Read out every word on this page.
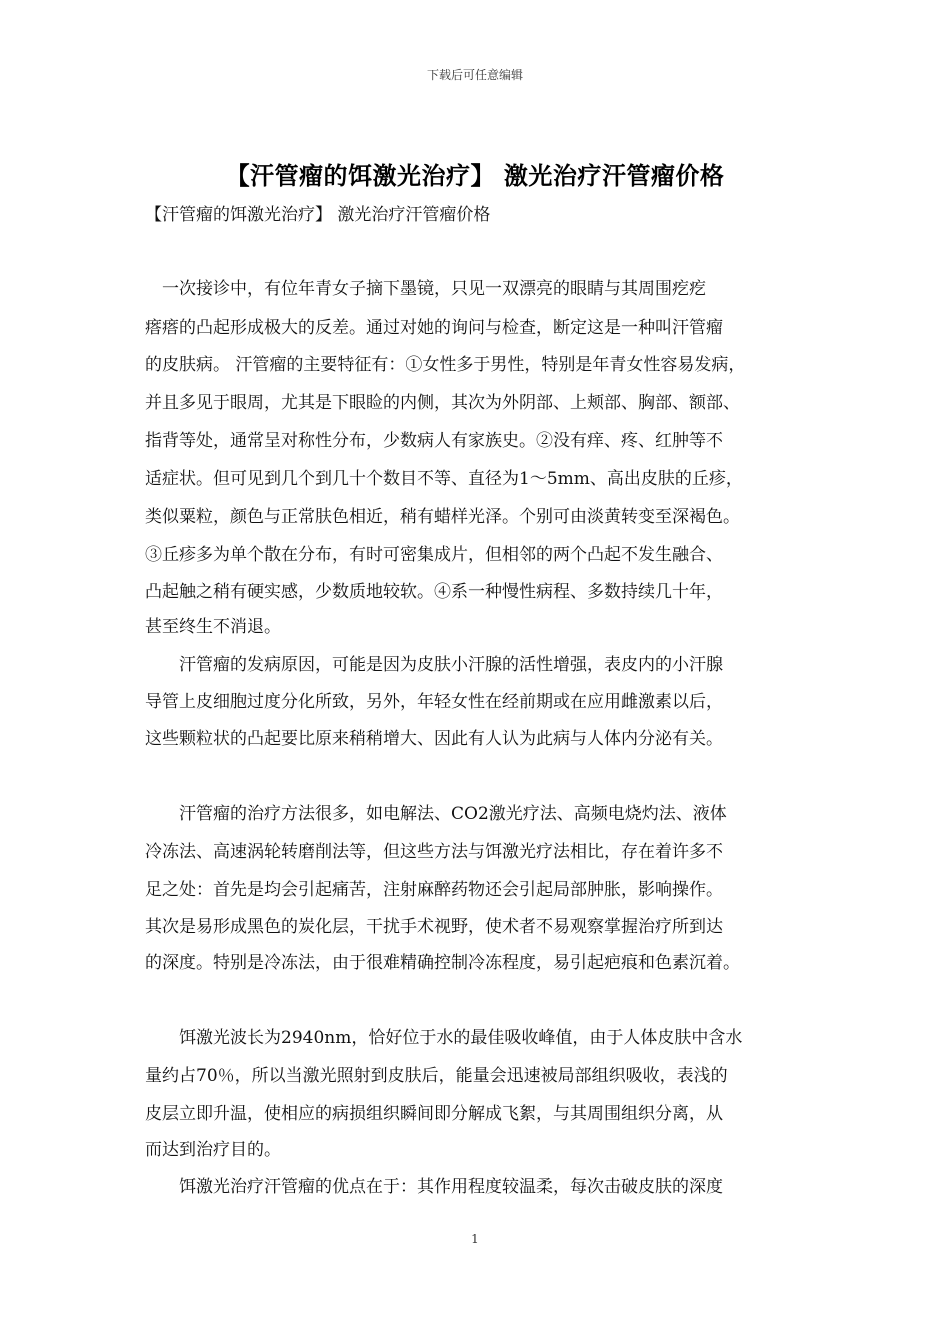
下载后可任意编辑
【汗管瘤的饵激光治疗】 激光治疗汗管瘤价格
【汗管瘤的饵激光治疗】 激光治疗汗管瘤价格
　一次接诊中，有位年青女子摘下墨镜，只见一双漂亮的眼睛与其周围疙疙
瘩瘩的凸起形成极大的反差。通过对她的询问与检查，断定这是一种叫汗管瘤
的皮肤病。 汗管瘤的主要特征有：①女性多于男性，特别是年青女性容易发病，
并且多见于眼周，尤其是下眼睑的内侧，其次为外阴部、上颊部、胸部、额部、
指背等处，通常呈对称性分布，少数病人有家族史。②没有痒、疼、红肿等不
适症状。但可见到几个到几十个数目不等、直径为1～5mm、高出皮肤的丘疹，
类似粟粒，颜色与正常肤色相近，稍有蜡样光泽。个别可由淡黄转变至深褐色。
③丘疹多为单个散在分布，有时可密集成片，但相邻的两个凸起不发生融合、
凸起触之稍有硬实感，少数质地较软。④系一种慢性病程、多数持续几十年，
甚至终生不消退。
　　汗管瘤的发病原因，可能是因为皮肤小汗腺的活性增强，表皮内的小汗腺
导管上皮细胞过度分化所致，另外，年轻女性在经前期或在应用雌激素以后，
这些颗粒状的凸起要比原来稍稍增大、因此有人认为此病与人体内分泌有关。
　　汗管瘤的治疗方法很多，如电解法、CO2激光疗法、高频电烧灼法、液体
冷冻法、高速涡轮转磨削法等，但这些方法与饵激光疗法相比，存在着许多不
足之处：首先是均会引起痛苦，注射麻醉药物还会引起局部肿胀，影响操作。
其次是易形成黑色的炭化层，干扰手术视野，使术者不易观察掌握治疗所到达
的深度。特别是冷冻法，由于很难精确控制冷冻程度，易引起疤痕和色素沉着。
　　饵激光波长为2940nm，恰好位于水的最佳吸收峰值，由于人体皮肤中含水
量约占70％，所以当激光照射到皮肤后，能量会迅速被局部组织吸收，表浅的
皮层立即升温，使相应的病损组织瞬间即分解成飞絮，与其周围组织分离，从
而达到治疗目的。
　　饵激光治疗汗管瘤的优点在于：其作用程度较温柔，每次击破皮肤的深度
1
